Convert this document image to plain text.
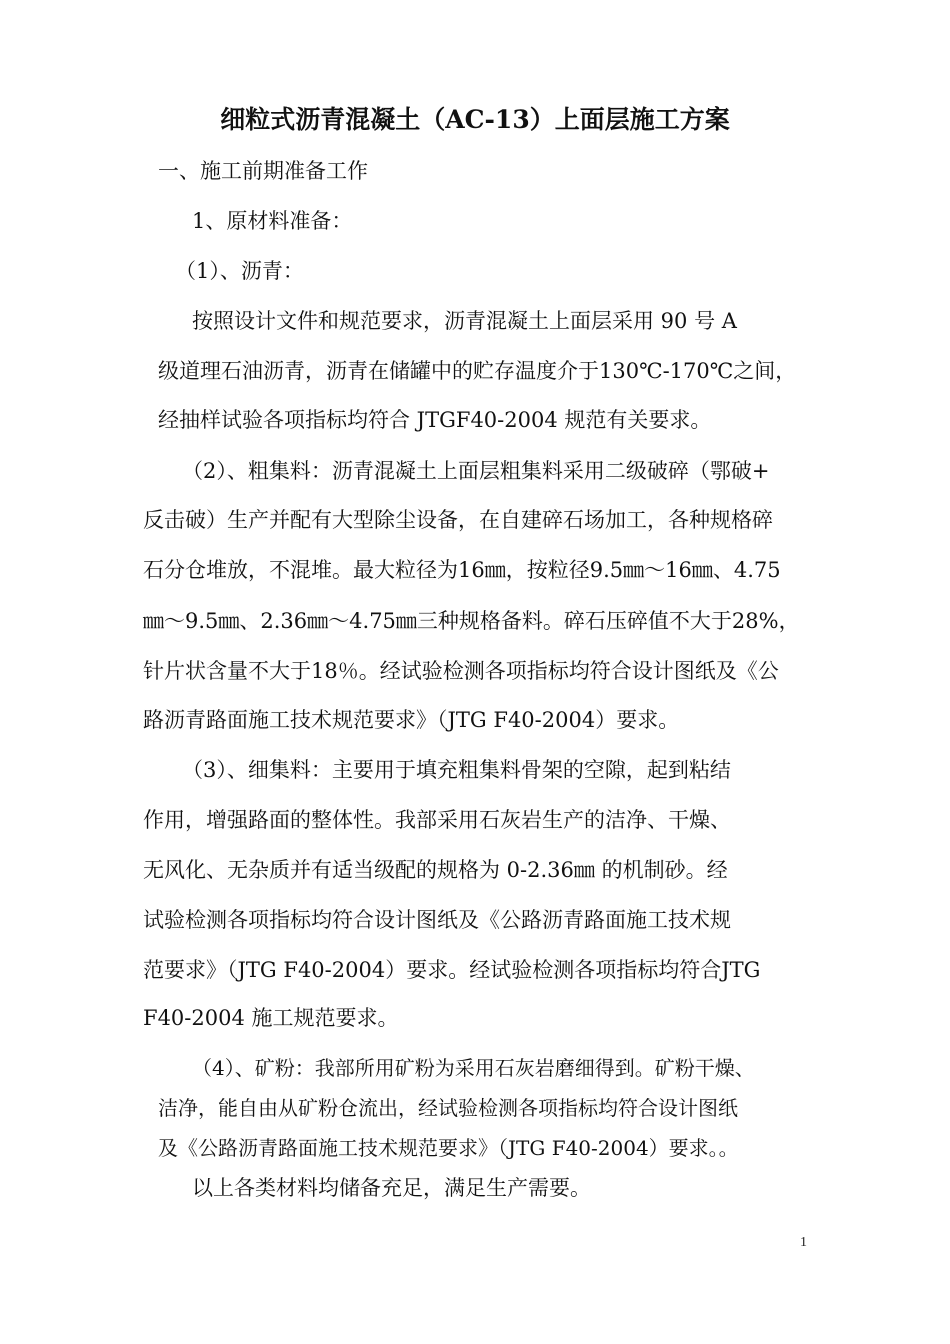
细粒式沥青混凝土（AC-13）上面层施工方案
一、施工前期准备工作
1、原材料准备：
（1）、沥青：
按照设计文件和规范要求，沥青混凝土上面层采用 90 号 A
级道理石油沥青，沥青在储罐中的贮存温度介于130℃-170℃之间，
经抽样试验各项指标均符合 JTGF40-2004 规范有关要求。
（2）、粗集料：沥青混凝土上面层粗集料采用二级破碎（鄂破+
反击破）生产并配有大型除尘设备，在自建碎石场加工，各种规格碎
石分仓堆放，不混堆。最大粒径为16㎜，按粒径9.5㎜～16㎜、4.75
㎜～9.5㎜、2.36㎜～4.75㎜三种规格备料。碎石压碎值不大于28%，
针片状含量不大于18％。经试验检测各项指标均符合设计图纸及《公
路沥青路面施工技术规范要求》（JTG F40-2004）要求。
（3）、细集料：主要用于填充粗集料骨架的空隙，起到粘结
作用，增强路面的整体性。我部采用石灰岩生产的洁净、干燥、
无风化、无杂质并有适当级配的规格为 0-2.36㎜ 的机制砂。经
试验检测各项指标均符合设计图纸及《公路沥青路面施工技术规
范要求》（JTG F40-2004）要求。经试验检测各项指标均符合JTG
F40-2004 施工规范要求。
（4）、矿粉：我部所用矿粉为采用石灰岩磨细得到。矿粉干燥、
洁净，能自由从矿粉仓流出，经试验检测各项指标均符合设计图纸
及《公路沥青路面施工技术规范要求》（JTG F40-2004）要求。。
以上各类材料均储备充足，满足生产需要。
1
